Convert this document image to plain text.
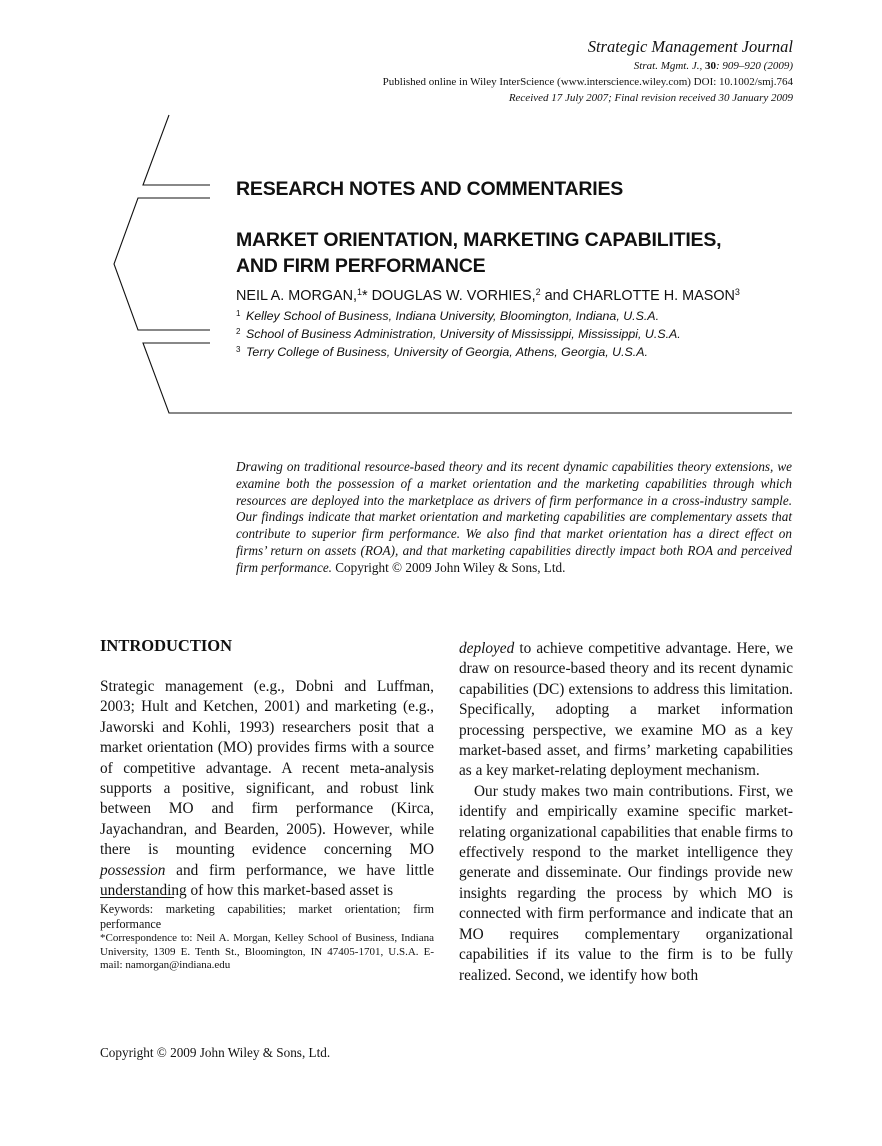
Strategic Management Journal
Strat. Mgmt. J., 30: 909–920 (2009)
Published online in Wiley InterScience (www.interscience.wiley.com) DOI: 10.1002/smj.764
Received 17 July 2007; Final revision received 30 January 2009
RESEARCH NOTES AND COMMENTARIES
MARKET ORIENTATION, MARKETING CAPABILITIES,
AND FIRM PERFORMANCE
NEIL A. MORGAN,$^1$* DOUGLAS W. VORHIES,$^2$ and CHARLOTTE H. MASON$^3$
$^1$ Kelley School of Business, Indiana University, Bloomington, Indiana, U.S.A.
$^2$ School of Business Administration, University of Mississippi, Mississippi, U.S.A.
$^3$ Terry College of Business, University of Georgia, Athens, Georgia, U.S.A.
Drawing on traditional resource-based theory and its recent dynamic capabilities theory extensions, we examine both the possession of a market orientation and the marketing capabilities through which resources are deployed into the marketplace as drivers of firm performance in a cross-industry sample. Our findings indicate that market orientation and marketing capabilities are complementary assets that contribute to superior firm performance. We also find that market orientation has a direct effect on firms’ return on assets (ROA), and that marketing capabilities directly impact both ROA and perceived firm performance. Copyright © 2009 John Wiley & Sons, Ltd.
INTRODUCTION

Strategic management (e.g., Dobni and Luffman, 2003; Hult and Ketchen, 2001) and marketing (e.g., Jaworski and Kohli, 1993) researchers posit that a market orientation (MO) provides firms with a source of competitive advantage. A recent meta-analysis supports a positive, significant, and robust link between MO and firm performance (Kirca, Jayachandran, and Bearden, 2005). However, while there is mounting evidence concerning MO possession and firm performance, we have little understanding of how this market-based asset is

deployed to achieve competitive advantage. Here, we draw on resource-based theory and its recent dynamic capabilities (DC) extensions to address this limitation. Specifically, adopting a market information processing perspective, we examine MO as a key market-based asset, and firms’ marketing capabilities as a key market-relating deployment mechanism.

Our study makes two main contributions. First, we identify and empirically examine specific market-relating organizational capabilities that enable firms to effectively respond to the market intelligence they generate and disseminate. Our findings provide new insights regarding the process by which MO is connected with firm performance and indicate that an MO requires complementary organizational capabilities if its value to the firm is to be fully realized. Second, we identify how both

Keywords: marketing capabilities; market orientation; firm performance
*Correspondence to: Neil A. Morgan, Kelley School of Business, Indiana University, 1309 E. Tenth St., Bloomington, IN 47405-1701, U.S.A. E-mail: namorgan@indiana.edu
Copyright © 2009 John Wiley & Sons, Ltd.
